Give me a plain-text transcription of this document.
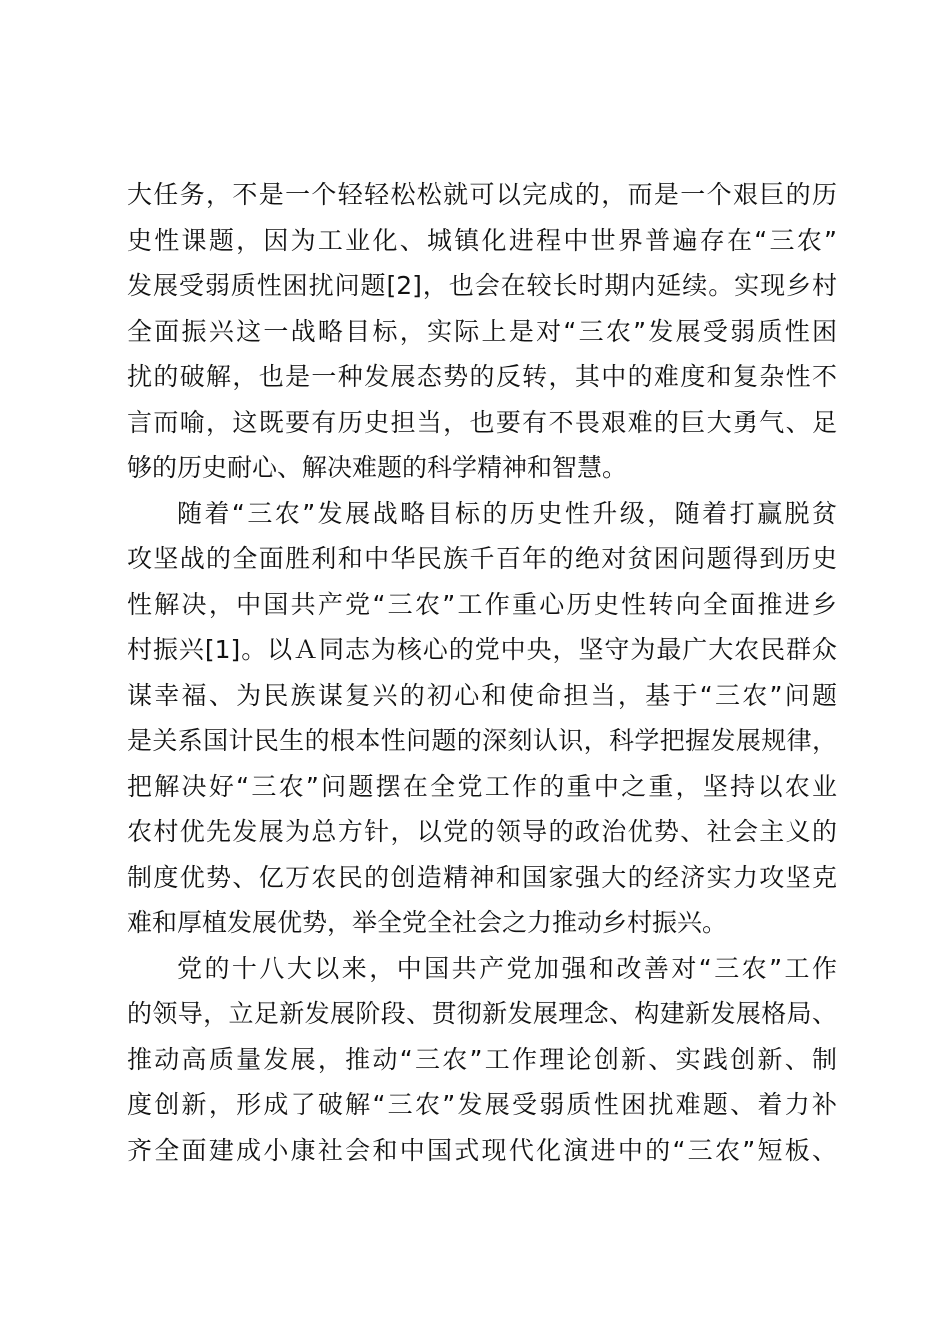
大任务，不是一个轻轻松松就可以完成的，而是一个艰巨的历
史性课题，因为工业化、城镇化进程中世界普遍存在“三农”
发展受弱质性困扰问题[2]，也会在较长时期内延续。实现乡村
全面振兴这一战略目标，实际上是对“三农”发展受弱质性困
扰的破解，也是一种发展态势的反转，其中的难度和复杂性不
言而喻，这既要有历史担当，也要有不畏艰难的巨大勇气、足
够的历史耐心、解决难题的科学精神和智慧。
随着“三农”发展战略目标的历史性升级，随着打赢脱贫
攻坚战的全面胜利和中华民族千百年的绝对贫困问题得到历史
性解决，中国共产党“三农”工作重心历史性转向全面推进乡
村振兴[1]。以Ａ同志为核心的党中央，坚守为最广大农民群众
谋幸福、为民族谋复兴的初心和使命担当，基于“三农”问题
是关系国计民生的根本性问题的深刻认识，科学把握发展规律，
把解决好“三农”问题摆在全党工作的重中之重，坚持以农业
农村优先发展为总方针，以党的领导的政治优势、社会主义的
制度优势、亿万农民的创造精神和国家强大的经济实力攻坚克
难和厚植发展优势，举全党全社会之力推动乡村振兴。
党的十八大以来，中国共产党加强和改善对“三农”工作
的领导，立足新发展阶段、贯彻新发展理念、构建新发展格局、
推动高质量发展，推动“三农”工作理论创新、实践创新、制
度创新，形成了破解“三农”发展受弱质性困扰难题、着力补
齐全面建成小康社会和中国式现代化演进中的“三农”短板、
